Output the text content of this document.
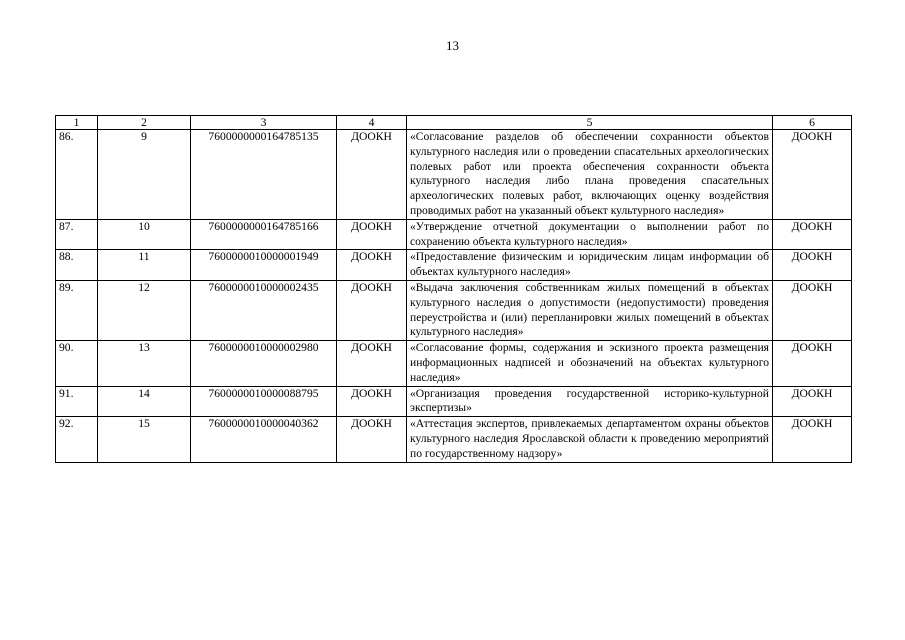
13
1	2	3	4	5	6
86.	9	7600000000164785135	ДООКН	«Согласование разделов об обеспечении сохранности объектов культурного наследия или о проведении спасательных археологических полевых работ или проекта обеспечения сохранности объекта культурного наследия либо плана проведения спасательных археологических полевых работ, включающих оценку воздействия проводимых работ на указанный объект культурного наследия»	ДООКН
87.	10	7600000000164785166	ДООКН	«Утверждение отчетной документации о выполнении работ по сохранению объекта культурного наследия»	ДООКН
88.	11	7600000010000001949	ДООКН	«Предоставление физическим и юридическим лицам информации об объектах культурного наследия»	ДООКН
89.	12	7600000010000002435	ДООКН	«Выдача заключения собственникам жилых помещений в объектах культурного наследия о допустимости (недопустимости) проведения переустройства и (или) перепланировки жилых помещений в объектах культурного наследия»	ДООКН
90.	13	7600000010000002980	ДООКН	«Согласование формы, содержания и эскизного проекта размещения информационных надписей и обозначений на объектах культурного наследия»	ДООКН
91.	14	7600000010000088795	ДООКН	«Организация проведения государственной историко-культурной экспертизы»	ДООКН
92.	15	7600000010000040362	ДООКН	«Аттестация экспертов, привлекаемых департаментом охраны объектов культурного наследия Ярославской области к проведению мероприятий по государственному надзору»	ДООКН
